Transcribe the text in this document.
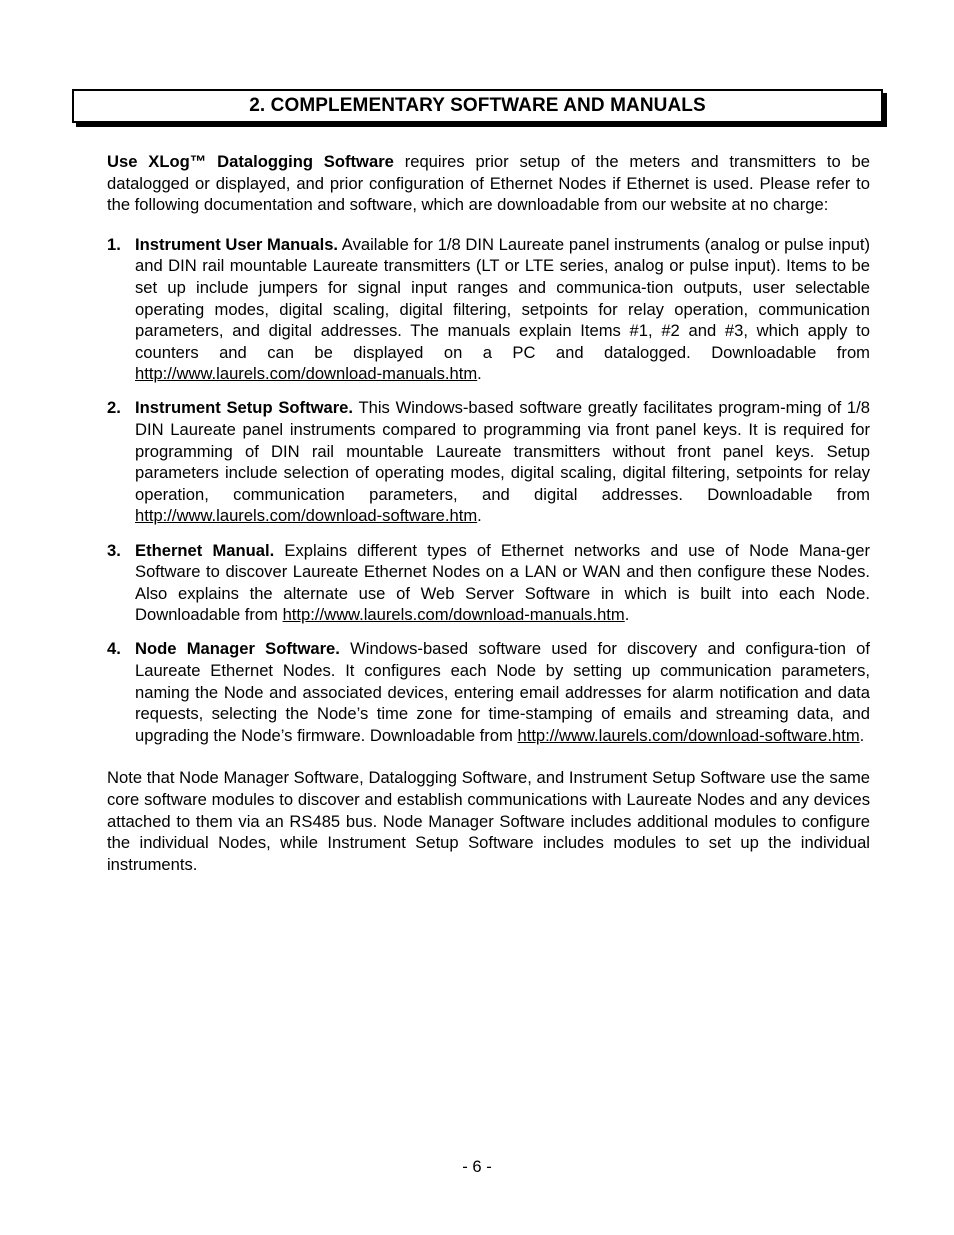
2. COMPLEMENTARY SOFTWARE AND MANUALS

Use XLog™ Datalogging Software requires prior setup of the meters and transmitters to be datalogged or displayed, and prior configuration of Ethernet Nodes if Ethernet is used. Please refer to the following documentation and software, which are downloadable from our website at no charge:

1. Instrument User Manuals. Available for 1/8 DIN Laureate panel instruments (analog or pulse input) and DIN rail mountable Laureate transmitters (LT or LTE series, analog or pulse input). Items to be set up include jumpers for signal input ranges and communica-tion outputs, user selectable operating modes, digital scaling, digital filtering, setpoints for relay operation, communication parameters, and digital addresses. The manuals explain Items #1, #2 and #3, which apply to counters and can be displayed on a PC and datalogged. Downloadable from http://www.laurels.com/download-manuals.htm.
2. Instrument Setup Software. This Windows-based software greatly facilitates program-ming of 1/8 DIN Laureate panel instruments compared to programming via front panel keys. It is required for programming of DIN rail mountable Laureate transmitters without front panel keys. Setup parameters include selection of operating modes, digital scaling, digital filtering, setpoints for relay operation, communication parameters, and digital addresses. Downloadable from http://www.laurels.com/download-software.htm.
3. Ethernet Manual. Explains different types of Ethernet networks and use of Node Mana-ger Software to discover Laureate Ethernet Nodes on a LAN or WAN and then configure these Nodes. Also explains the alternate use of Web Server Software in which is built into each Node. Downloadable from http://www.laurels.com/download-manuals.htm.
4. Node Manager Software. Windows-based software used for discovery and configura-tion of Laureate Ethernet Nodes. It configures each Node by setting up communication parameters, naming the Node and associated devices, entering email addresses for alarm notification and data requests, selecting the Node’s time zone for time-stamping of emails and streaming data, and upgrading the Node’s firmware. Downloadable from http://www.laurels.com/download-software.htm.

Note that Node Manager Software, Datalogging Software, and Instrument Setup Software use the same core software modules to discover and establish communications with Laureate Nodes and any devices attached to them via an RS485 bus. Node Manager Software includes additional modules to configure the individual Nodes, while Instrument Setup Software includes modules to set up the individual instruments.

- 6 -
